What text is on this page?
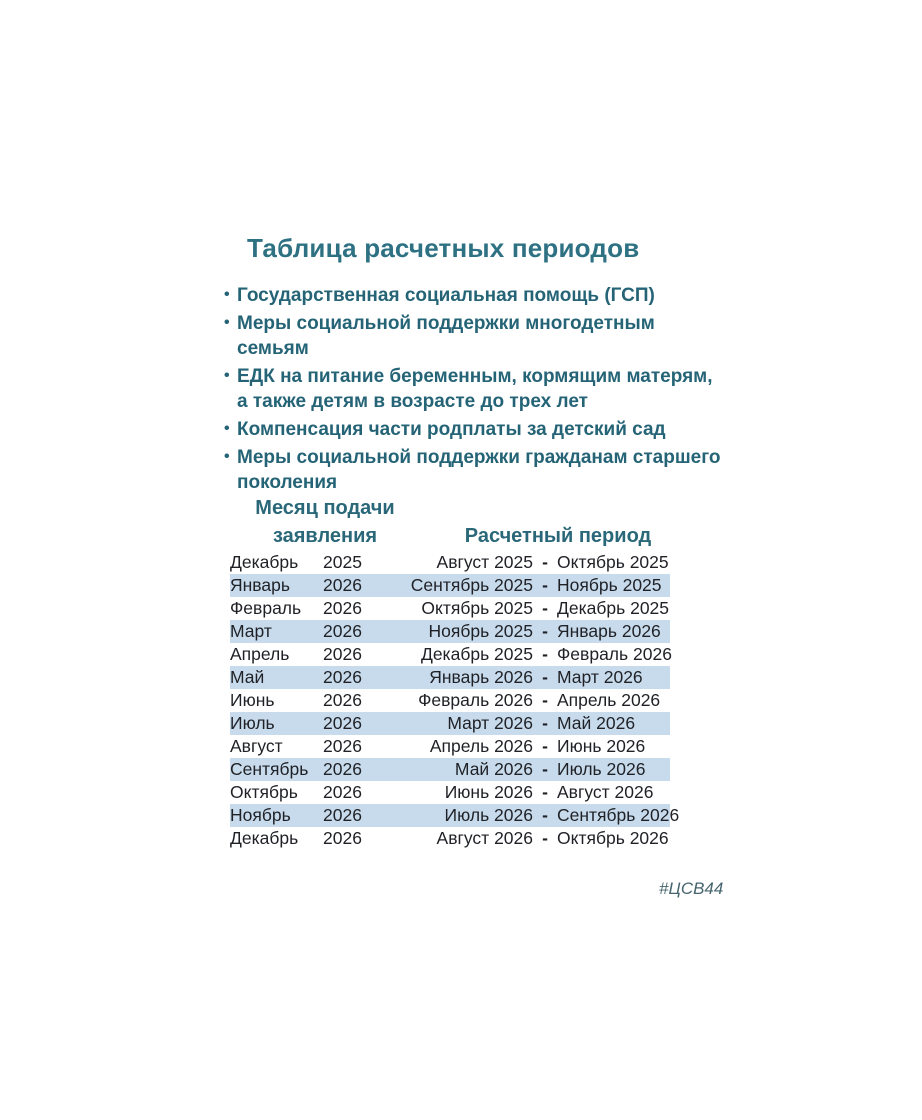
Таблица расчетных периодов
• Государственная социальная помощь (ГСП)
• Меры социальной поддержки многодетным
семьям
• ЕДК на питание беременным, кормящим матерям,
а также детям в возрасте до трех лет
• Компенсация части родплаты за детский сад
• Меры социальной поддержки гражданам старшего
поколения
Месяц подачи
заявления	Расчетный период
Декабрь	2025	Август 2025	-	Октябрь 2025
Январь	2026	Сентябрь 2025	-	Ноябрь 2025
Февраль	2026	Октябрь 2025	-	Декабрь 2025
Март	2026	Ноябрь 2025	-	Январь 2026
Апрель	2026	Декабрь 2025	-	Февраль 2026
Май	2026	Январь 2026	-	Март 2026
Июнь	2026	Февраль 2026	-	Апрель 2026
Июль	2026	Март 2026	-	Май 2026
Август	2026	Апрель 2026	-	Июнь 2026
Сентябрь	2026	Май 2026	-	Июль 2026
Октябрь	2026	Июнь 2026	-	Август 2026
Ноябрь	2026	Июль 2026	-	Сентябрь 2026
Декабрь	2026	Август 2026	-	Октябрь 2026
#ЦСВ44
